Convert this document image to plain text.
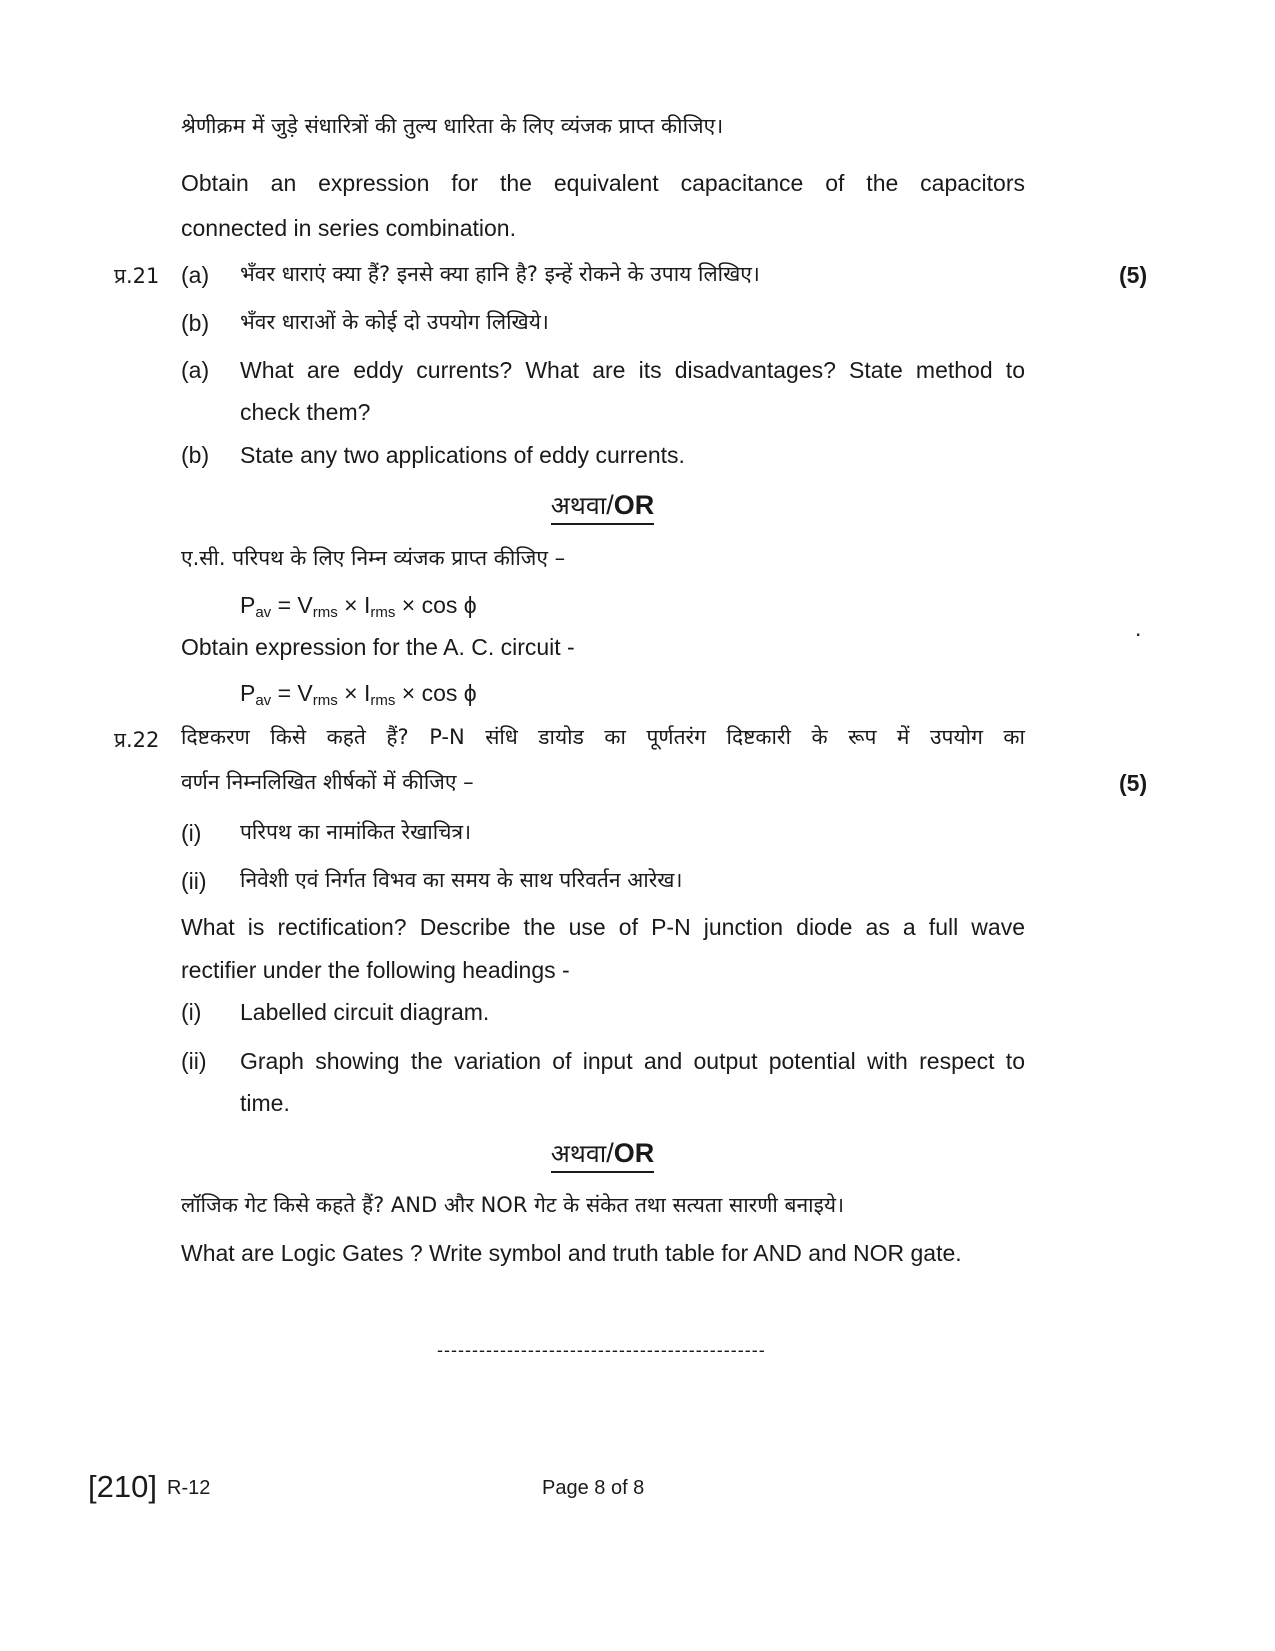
श्रेणीक्रम में जुड़े संधारित्रों की तुल्य धारिता के लिए व्यंजक प्राप्त कीजिए।
Obtain an expression for the equivalent capacitance of the capacitors
connected in series combination.
प्र.21 (a) भँवर धाराएं क्या हैं? इनसे क्या हानि है? इन्हें रोकने के उपाय लिखिए।	(5)
(b) भँवर धाराओं के कोई दो उपयोग लिखिये।
(a) What are eddy currents? What are its disadvantages? State method to
check them?
(b) State any two applications of eddy currents.
अथवा/OR
ए.सी. परिपथ के लिए निम्न व्यंजक प्राप्त कीजिए –
$P_{av} = V_{rms} \times I_{rms} \times \cos \phi$
.
Obtain expression for the A. C. circuit -
$P_{av} = V_{rms} \times I_{rms} \times \cos \phi$
प्र.22 दिष्टकरण किसे कहते हैं? P-N संधि डायोड का पूर्णतरंग दिष्टकारी के रूप में उपयोग का
वर्णन निम्नलिखित शीर्षकों में कीजिए –	(5)
(i) परिपथ का नामांकित रेखाचित्र।
(ii) निवेशी एवं निर्गत विभव का समय के साथ परिवर्तन आरेख।
What is rectification? Describe the use of P-N junction diode as a full wave
rectifier under the following headings -
(i) Labelled circuit diagram.
(ii) Graph showing the variation of input and output potential with respect to
time.
अथवा/OR
लॉजिक गेट किसे कहते हैं? AND और NOR गेट के संकेत तथा सत्यता सारणी बनाइये।
What are Logic Gates ? Write symbol and truth table for AND and NOR gate.
-----------------------------------------------
[210] R-12	Page 8 of 8
